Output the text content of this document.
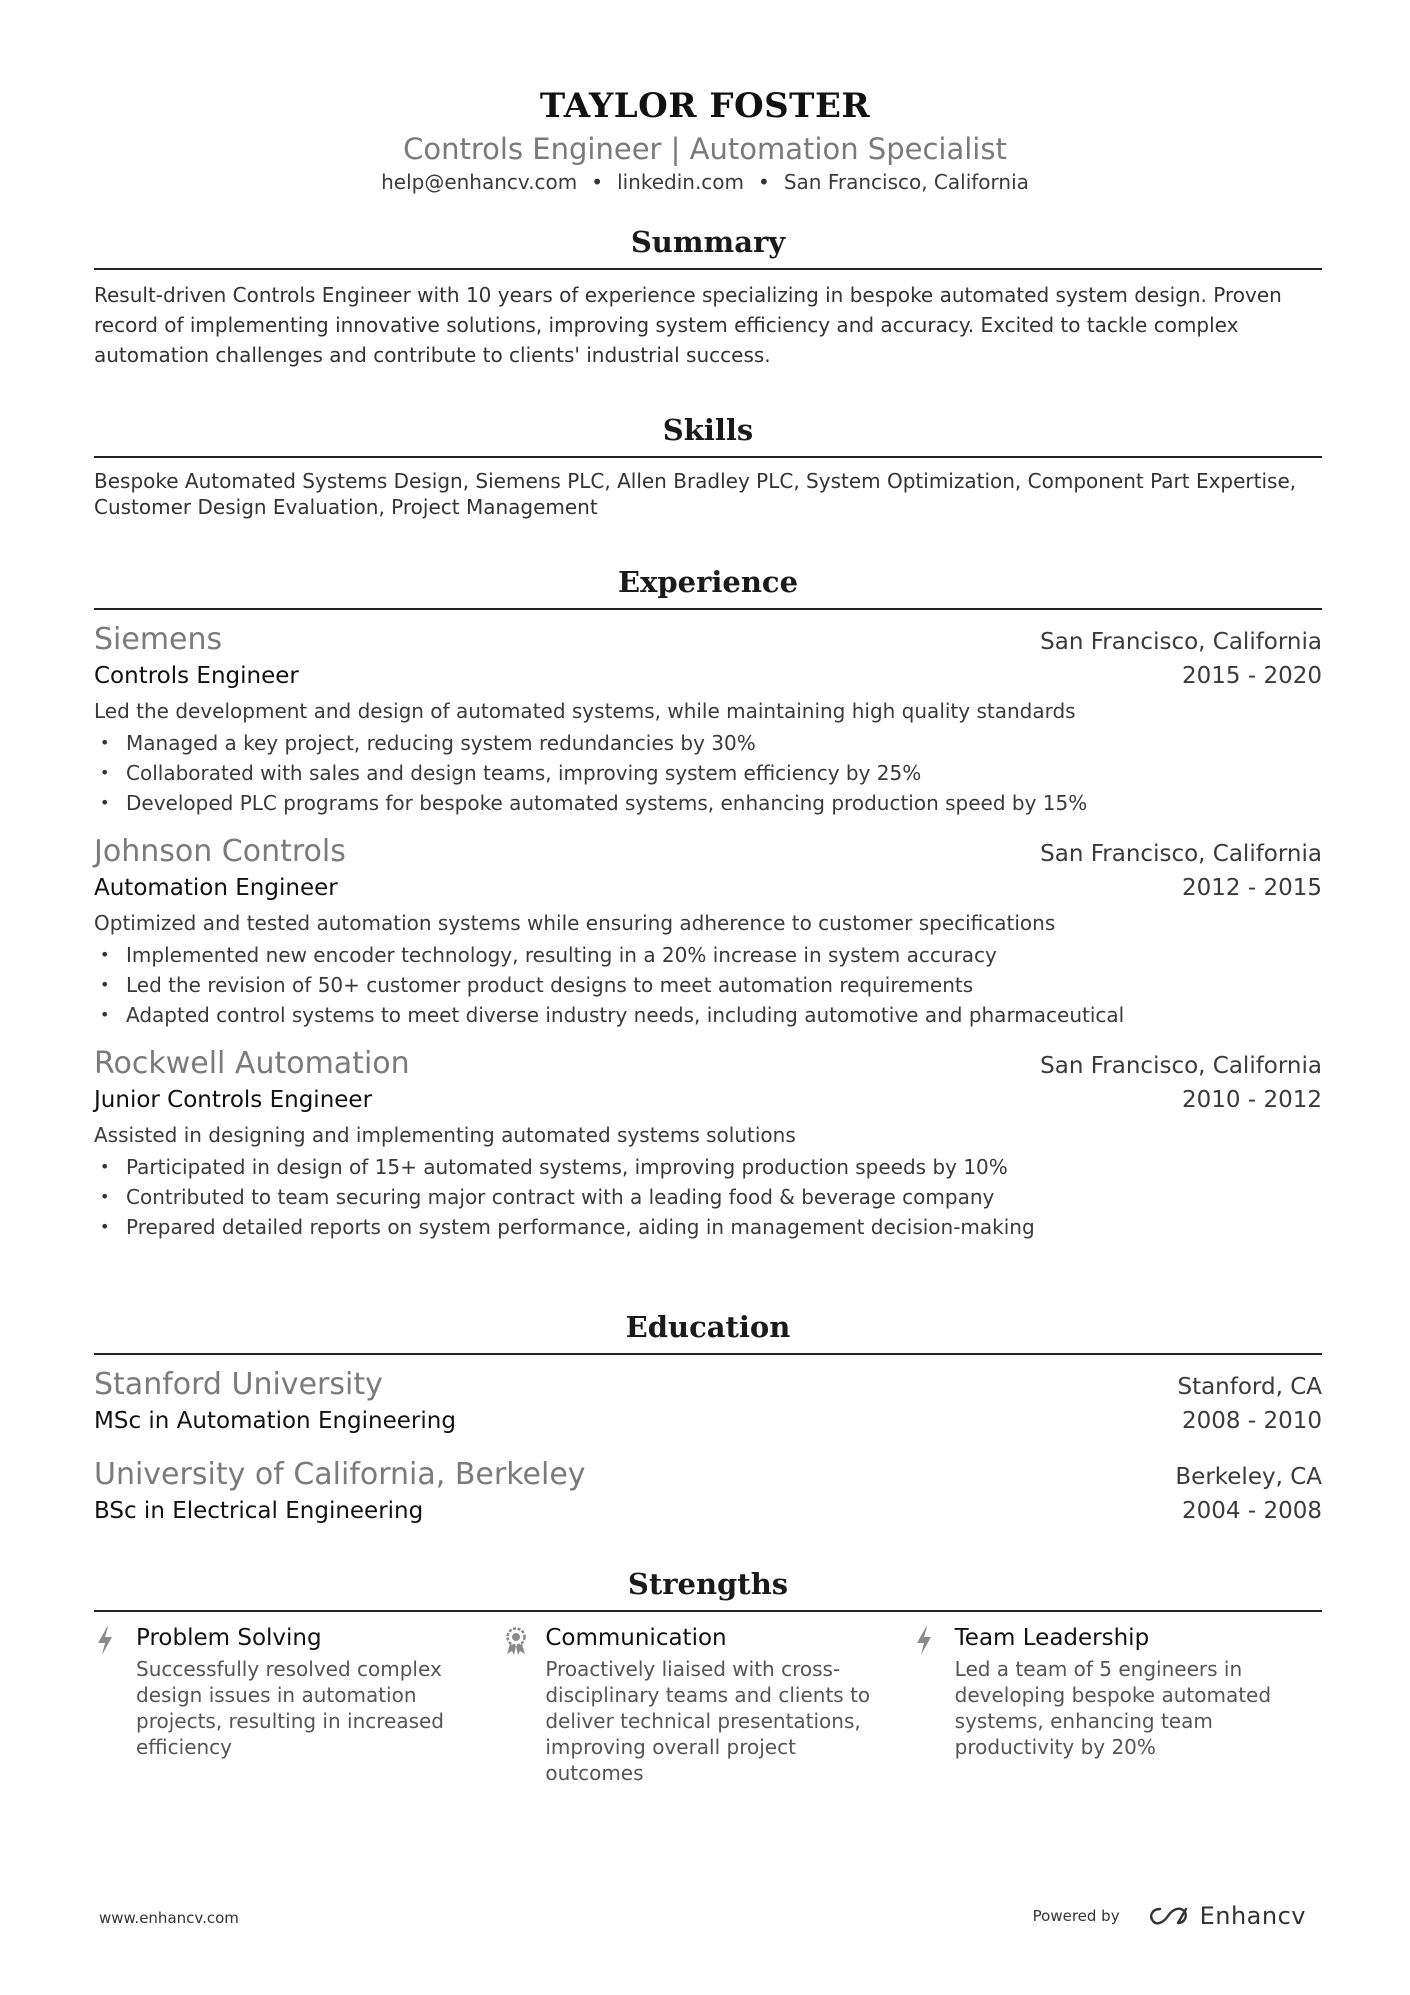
TAYLOR FOSTER
Controls Engineer | Automation Specialist
help@enhancv.com • linkedin.com • San Francisco, California
Summary
Result-driven Controls Engineer with 10 years of experience specializing in bespoke automated system design. Proven record of implementing innovative solutions, improving system efficiency and accuracy. Excited to tackle complex automation challenges and contribute to clients' industrial success.
Skills
Bespoke Automated Systems Design, Siemens PLC, Allen Bradley PLC, System Optimization, Component Part Expertise, Customer Design Evaluation, Project Management
Experience
Siemens	San Francisco, California
Controls Engineer	2015 - 2020
Led the development and design of automated systems, while maintaining high quality standards
• Managed a key project, reducing system redundancies by 30%
• Collaborated with sales and design teams, improving system efficiency by 25%
• Developed PLC programs for bespoke automated systems, enhancing production speed by 15%
Johnson Controls	San Francisco, California
Automation Engineer	2012 - 2015
Optimized and tested automation systems while ensuring adherence to customer specifications
• Implemented new encoder technology, resulting in a 20% increase in system accuracy
• Led the revision of 50+ customer product designs to meet automation requirements
• Adapted control systems to meet diverse industry needs, including automotive and pharmaceutical
Rockwell Automation	San Francisco, California
Junior Controls Engineer	2010 - 2012
Assisted in designing and implementing automated systems solutions
• Participated in design of 15+ automated systems, improving production speeds by 10%
• Contributed to team securing major contract with a leading food & beverage company
• Prepared detailed reports on system performance, aiding in management decision-making
Education
Stanford University	Stanford, CA
MSc in Automation Engineering	2008 - 2010
University of California, Berkeley	Berkeley, CA
BSc in Electrical Engineering	2004 - 2008
Strengths
Problem Solving
Successfully resolved complex design issues in automation projects, resulting in increased efficiency
Communication
Proactively liaised with cross-disciplinary teams and clients to deliver technical presentations, improving overall project outcomes
Team Leadership
Led a team of 5 engineers in developing bespoke automated systems, enhancing team productivity by 20%
www.enhancv.com	Powered by	Enhancv
